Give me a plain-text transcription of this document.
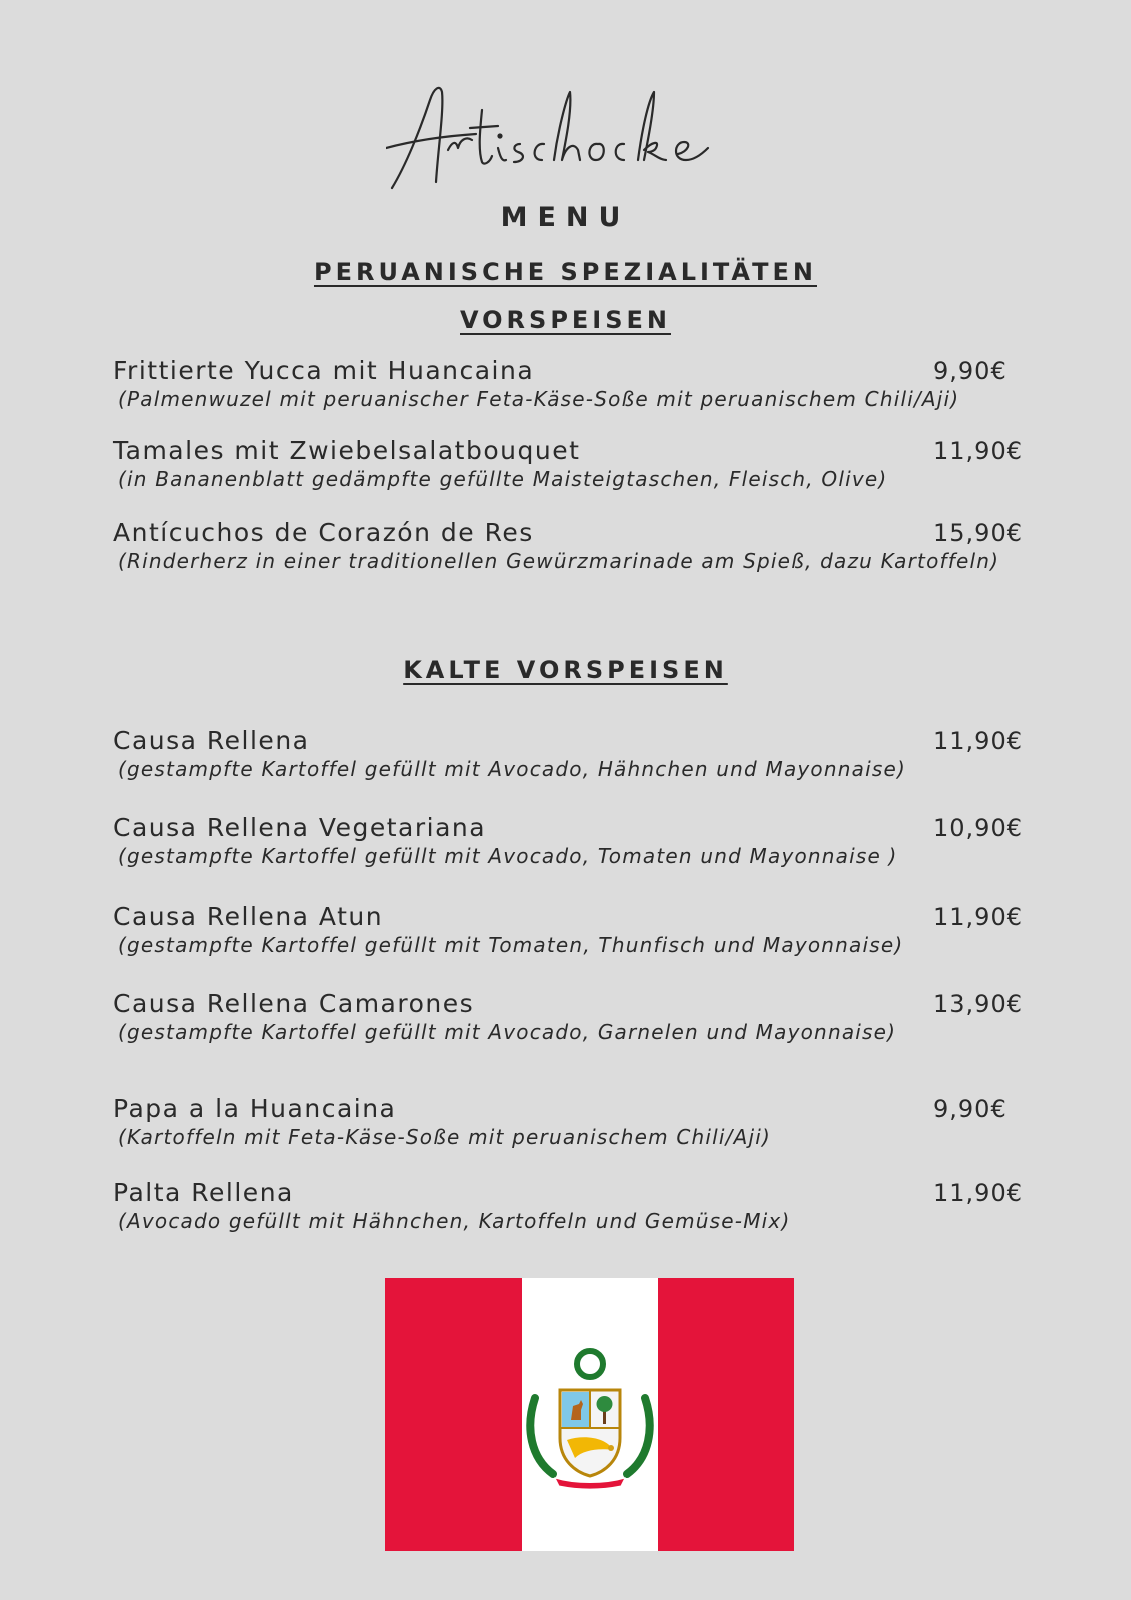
MENU
PERUANISCHE SPEZIALITÄTEN
VORSPEISEN
Frittierte Yucca mit Huancaina
(Palmenwuzel mit peruanischer Feta-Käse-Soße mit peruanischem Chili/Aji)
9,90€
Tamales mit Zwiebelsalatbouquet
(in Bananenblatt gedämpfte gefüllte Maisteigtaschen, Fleisch, Olive)
11,90€
Antícuchos de Corazón de Res
(Rinderherz in einer traditionellen Gewürzmarinade am Spieß, dazu Kartoffeln)
15,90€
KALTE VORSPEISEN
Causa Rellena
(gestampfte Kartoffel gefüllt mit Avocado, Hähnchen und Mayonnaise)
11,90€
Causa Rellena Vegetariana
(gestampfte Kartoffel gefüllt mit Avocado, Tomaten und Mayonnaise )
10,90€
Causa Rellena Atun
(gestampfte Kartoffel gefüllt mit Tomaten, Thunfisch und Mayonnaise)
11,90€
Causa Rellena Camarones
(gestampfte Kartoffel gefüllt mit Avocado, Garnelen und Mayonnaise)
13,90€
Papa a la Huancaina
(Kartoffeln mit Feta-Käse-Soße mit peruanischem Chili/Aji)
9,90€
Palta Rellena
(Avocado gefüllt mit Hähnchen, Kartoffeln und Gemüse-Mix)
11,90€
